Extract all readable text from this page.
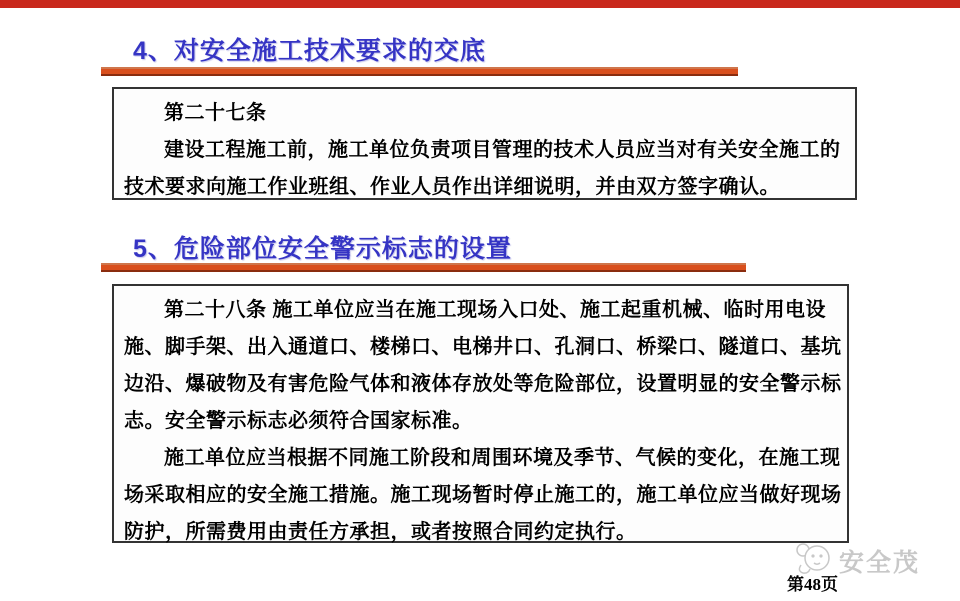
4、对安全施工技术要求的交底

第二十七条

建设工程施工前，施工单位负责项目管理的技术人员应当对有关安全施工的技术要求向施工作业班组、作业人员作出详细说明，并由双方签字确认。

5、危险部位安全警示标志的设置

第二十八条 施工单位应当在施工现场入口处、施工起重机械、临时用电设施、脚手架、出入通道口、楼梯口、电梯井口、孔洞口、桥梁口、隧道口、基坑边沿、爆破物及有害危险气体和液体存放处等危险部位，设置明显的安全警示标志。安全警示标志必须符合国家标准。

施工单位应当根据不同施工阶段和周围环境及季节、气候的变化，在施工现场采取相应的安全施工措施。施工现场暂时停止施工的，施工单位应当做好现场防护，所需费用由责任方承担，或者按照合同约定执行。

安全茂
第48页
